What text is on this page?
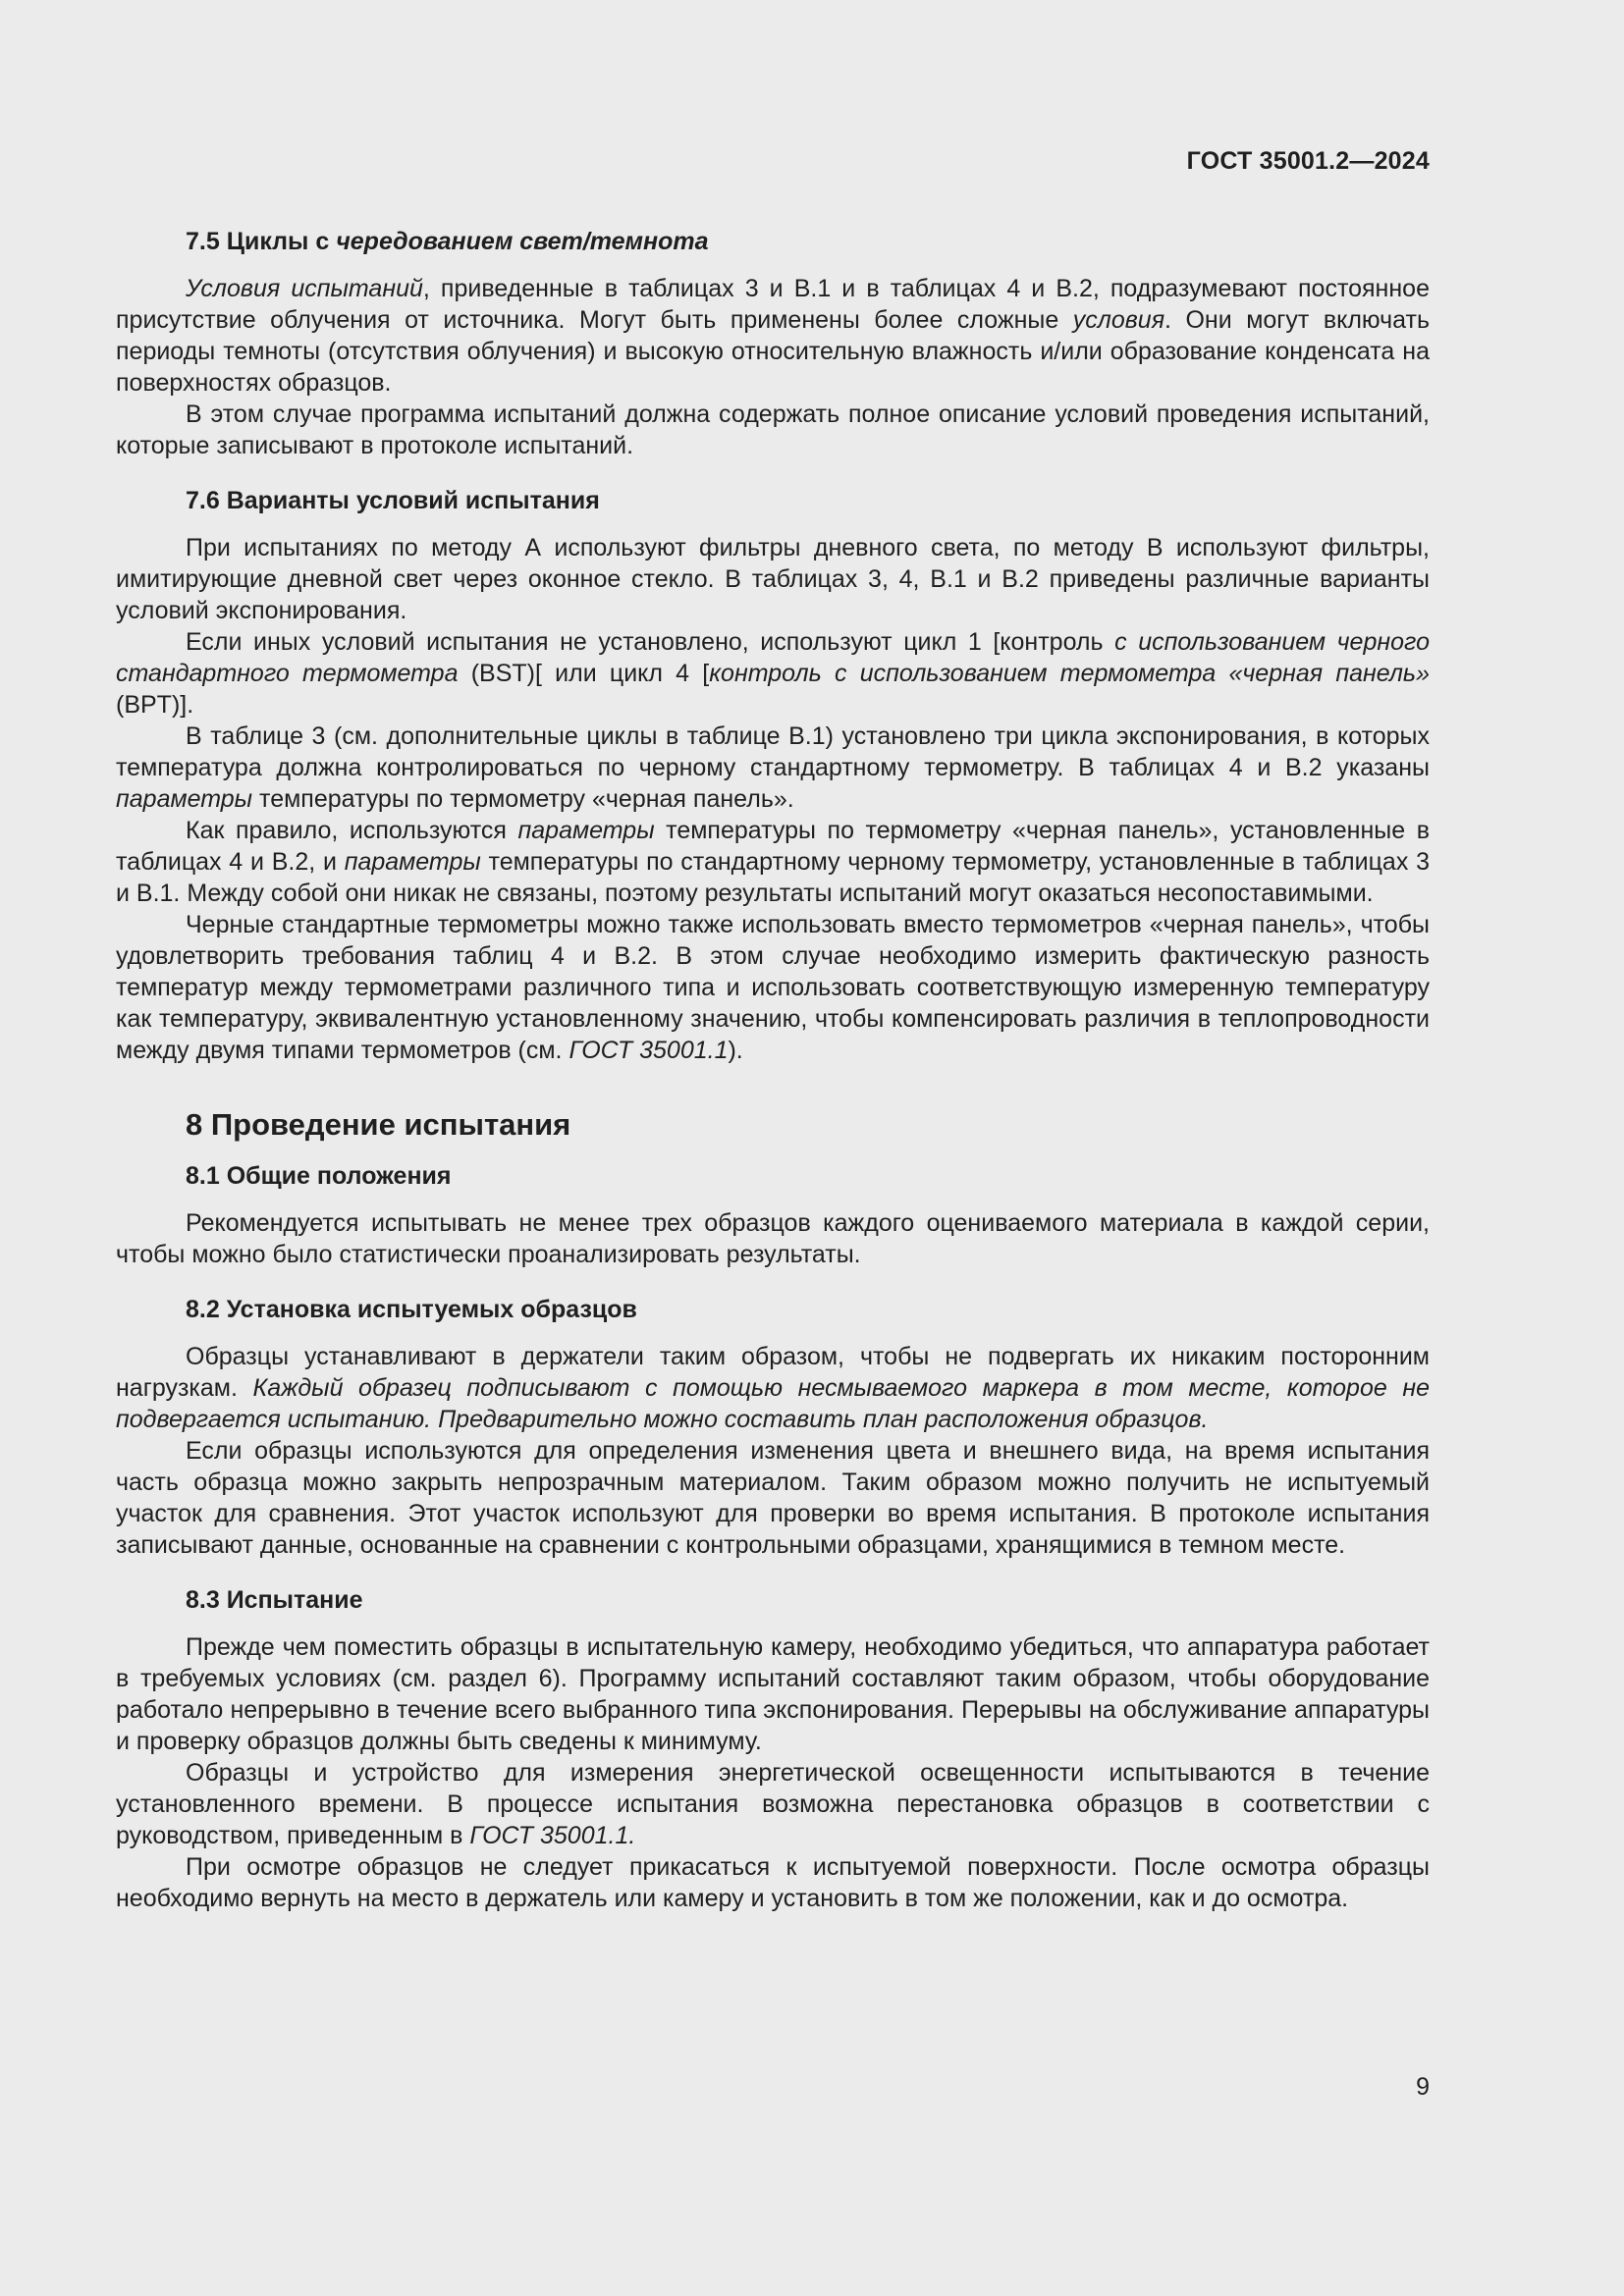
ГОСТ 35001.2—2024
7.5 Циклы с чередованием свет/темнота

Условия испытаний, приведенные в таблицах 3 и В.1 и в таблицах 4 и В.2, подразумевают постоянное присутствие облучения от источника. Могут быть применены более сложные условия. Они могут включать периоды темноты (отсутствия облучения) и высокую относительную влажность и/или образование конденсата на поверхностях образцов.

В этом случае программа испытаний должна содержать полное описание условий проведения испытаний, которые записывают в протоколе испытаний.

7.6 Варианты условий испытания

При испытаниях по методу А используют фильтры дневного света, по методу В используют фильтры, имитирующие дневной свет через оконное стекло. В таблицах 3, 4, В.1 и В.2 приведены различные варианты условий экспонирования.

Если иных условий испытания не установлено, используют цикл 1 [контроль с использованием черного стандартного термометра (BST)[ или цикл 4 [контроль с использованием термометра «черная панель» (BPT)].

В таблице 3 (см. дополнительные циклы в таблице В.1) установлено три цикла экспонирования, в которых температура должна контролироваться по черному стандартному термометру. В таблицах 4 и В.2 указаны параметры температуры по термометру «черная панель».

Как правило, используются параметры температуры по термометру «черная панель», установленные в таблицах 4 и В.2, и параметры температуры по стандартному черному термометру, установленные в таблицах 3 и В.1. Между собой они никак не связаны, поэтому результаты испытаний могут оказаться несопоставимыми.

Черные стандартные термометры можно также использовать вместо термометров «черная панель», чтобы удовлетворить требования таблиц 4 и В.2. В этом случае необходимо измерить фактическую разность температур между термометрами различного типа и использовать соответствующую измеренную температуру как температуру, эквивалентную установленному значению, чтобы компенсировать различия в теплопроводности между двумя типами термометров (см. ГОСТ 35001.1).

8 Проведение испытания
8.1 Общие положения

Рекомендуется испытывать не менее трех образцов каждого оцениваемого материала в каждой серии, чтобы можно было статистически проанализировать результаты.

8.2 Установка испытуемых образцов

Образцы устанавливают в держатели таким образом, чтобы не подвергать их никаким посторонним нагрузкам. Каждый образец подписывают с помощью несмываемого маркера в том месте, которое не подвергается испытанию. Предварительно можно составить план расположения образцов.

Если образцы используются для определения изменения цвета и внешнего вида, на время испытания часть образца можно закрыть непрозрачным материалом. Таким образом можно получить не испытуемый участок для сравнения. Этот участок используют для проверки во время испытания. В протоколе испытания записывают данные, основанные на сравнении с контрольными образцами, хранящимися в темном месте.

8.3 Испытание

Прежде чем поместить образцы в испытательную камеру, необходимо убедиться, что аппаратура работает в требуемых условиях (см. раздел 6). Программу испытаний составляют таким образом, чтобы оборудование работало непрерывно в течение всего выбранного типа экспонирования. Перерывы на обслуживание аппаратуры и проверку образцов должны быть сведены к минимуму.

Образцы и устройство для измерения энергетической освещенности испытываются в течение установленного времени. В процессе испытания возможна перестановка образцов в соответствии с руководством, приведенным в ГОСТ 35001.1.

При осмотре образцов не следует прикасаться к испытуемой поверхности. После осмотра образцы необходимо вернуть на место в держатель или камеру и установить в том же положении, как и до осмотра.

9
